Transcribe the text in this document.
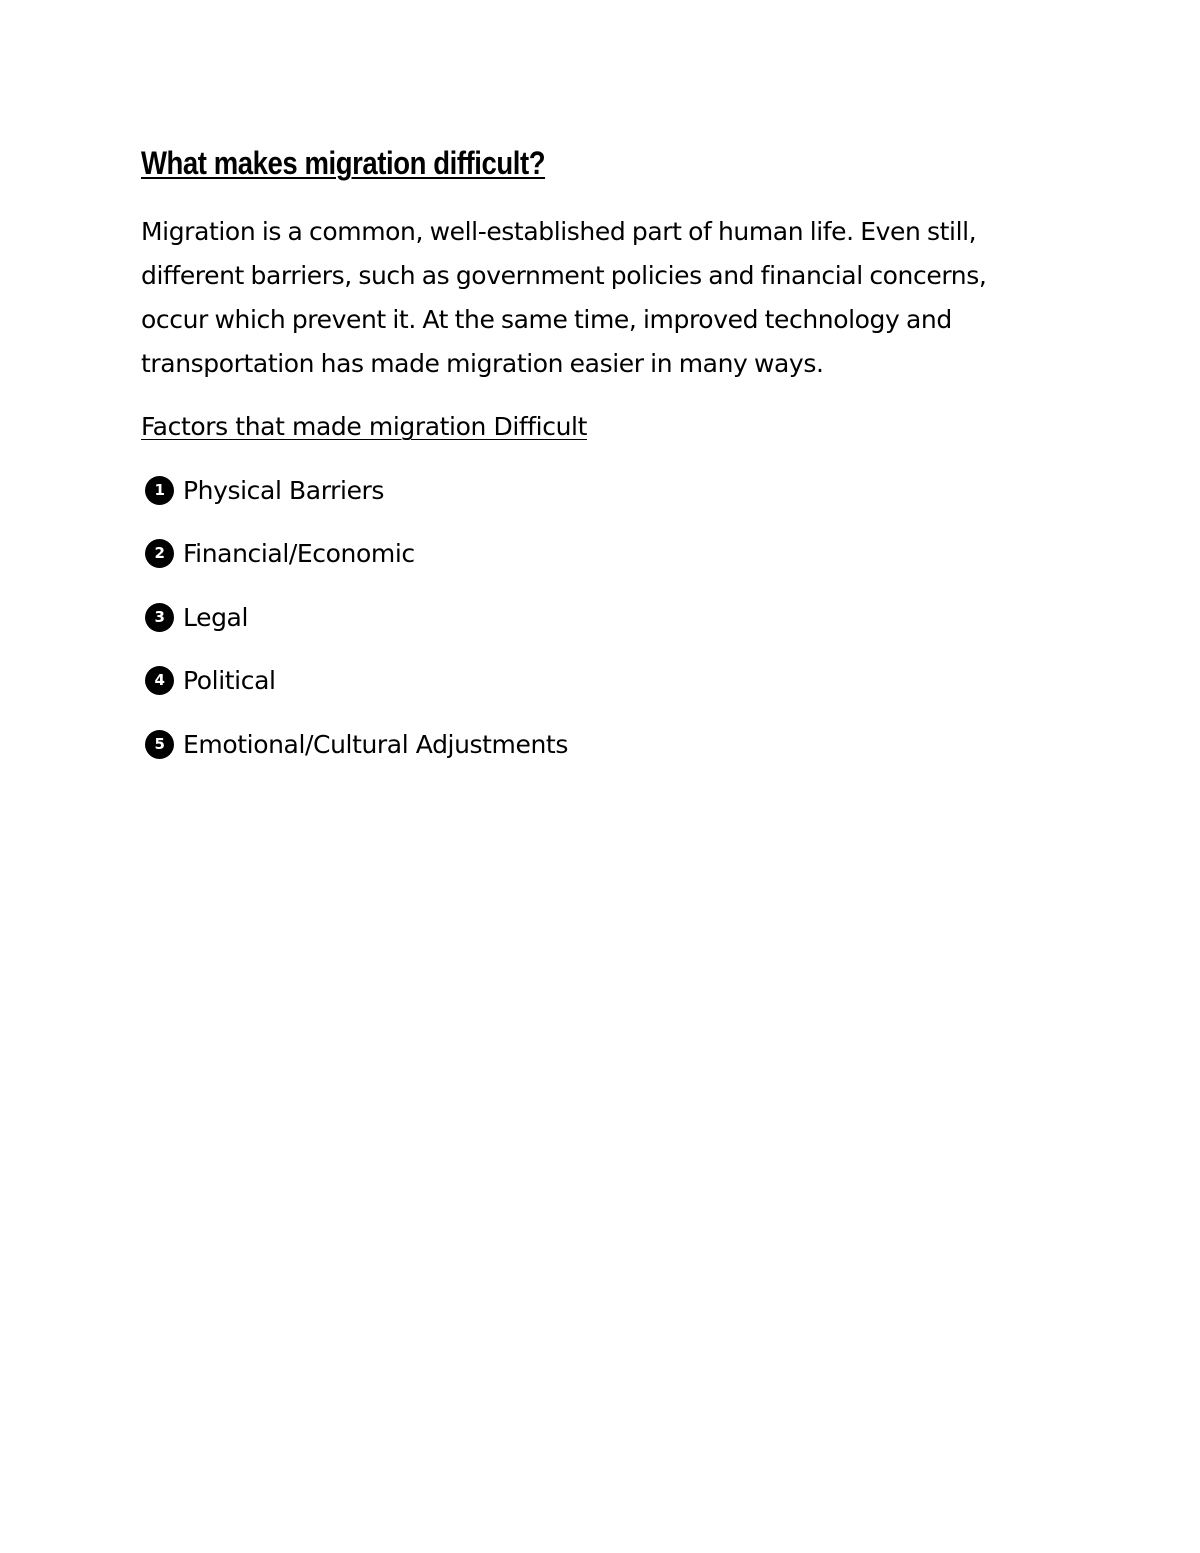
What makes migration difficult?

Migration is a common, well-established part of human life. Even still,
different barriers, such as government policies and financial concerns,
occur which prevent it. At the same time, improved technology and
transportation has made migration easier in many ways.

Factors that made migration Difficult

1 Physical Barriers
2 Financial/Economic
3 Legal
4 Political
5 Emotional/Cultural Adjustments
